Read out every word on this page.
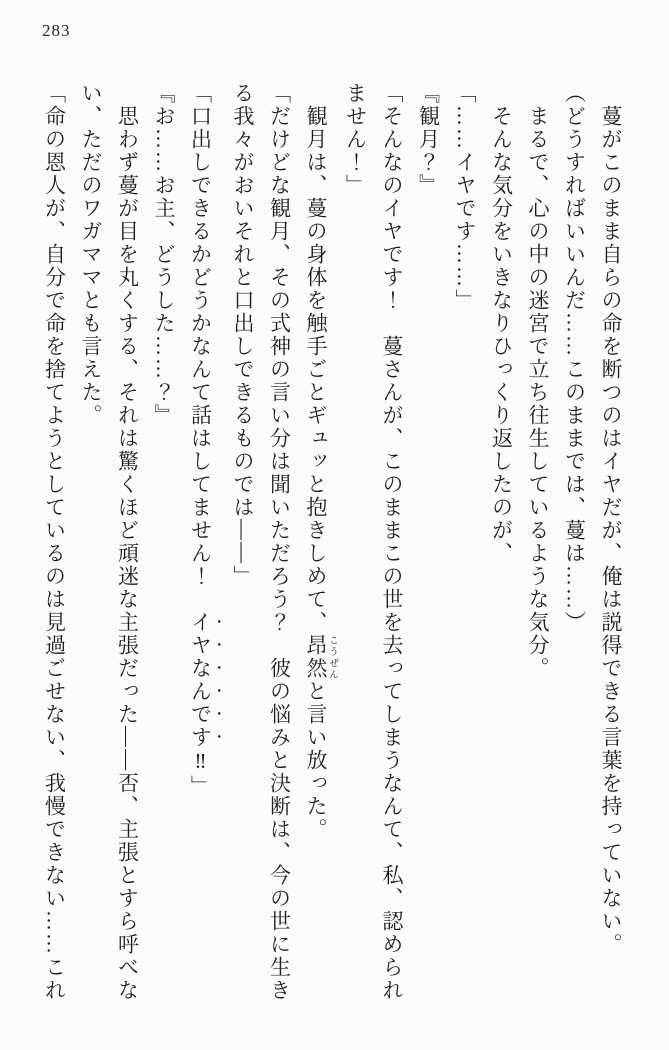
283
蔓がこのまま自らの命を断つのはイヤだが、俺は説得できる言葉を持っていない。
（どうすればいいんだ……このままでは、蔓は……）
まるで、心の中の迷宮で立ち往生しているような気分。
そんな気分をいきなりひっくり返したのが、
「……イヤです……」
『観月？』
「そんなのイヤです！　蔓さんが、このままこの世を去ってしまうなんて、私、認められ
ません！」
観月は、蔓の身体を触手ごとギュッと抱きしめて、昂然 こうぜんと言い放った。
「だけどな観月、その式神の言い分は聞いただろう？　彼の悩みと決断は、今の世に生き
る我々がおいそれと口出しできるものでは――」
「口出しできるかどうかなんて話はしてません！　イヤなんです‼」
『お……お主、どうした……？』
思わず蔓が目を丸くする、それは驚くほど頑迷な主張だった――否、主張とすら呼べな
い、ただのワガママとも言えた。
「命の恩人が、自分で命を捨てようとしているのは見過ごせない、我慢できない……これ
